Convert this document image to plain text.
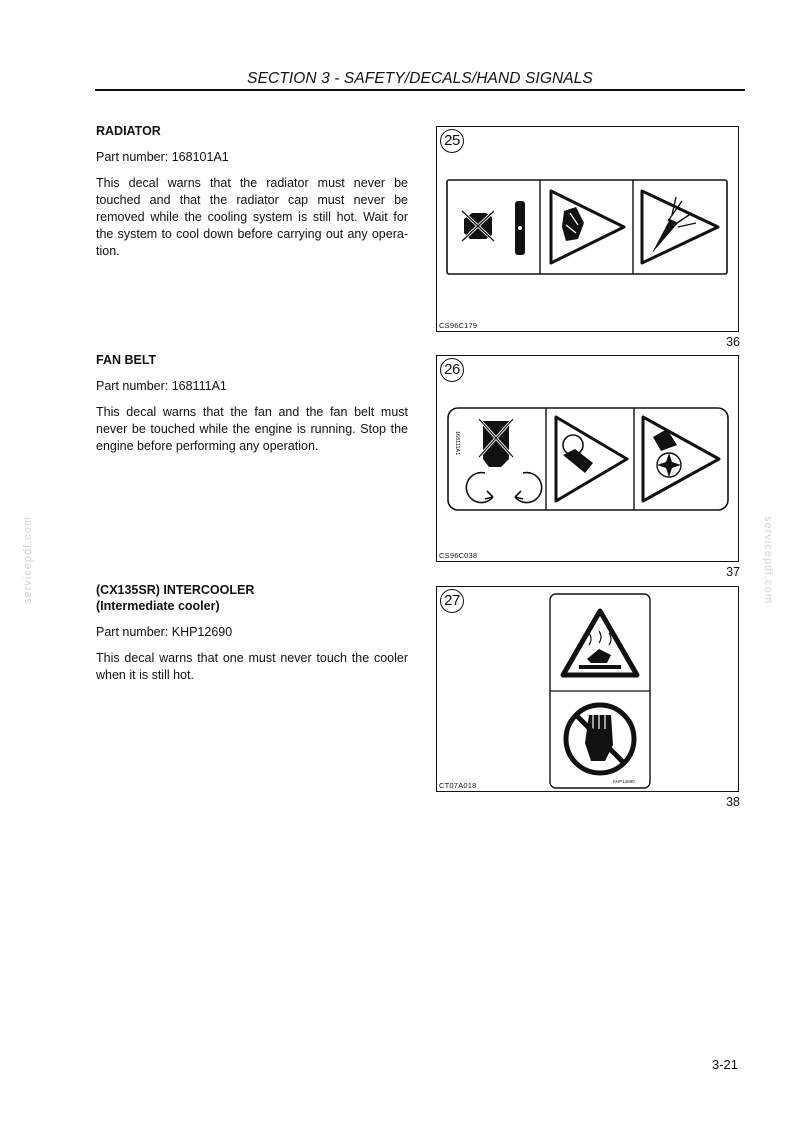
SECTION 3 - SAFETY/DECALS/HAND SIGNALS
servicepdf.com	servicepdf.com
RADIATOR
Part number: 168101A1

This decal warns that the radiator must never be touched and that the radiator cap must never be removed while the cooling system is still hot. Wait for the system to cool down before carrying out any opera-tion.

FAN BELT
Part number: 168111A1

This decal warns that the fan and the fan belt must never be touched while the engine is running. Stop the engine before performing any operation.

(CX135SR) INTERCOOLER
(Intermediate cooler)
Part number: KHP12690

This decal warns that one must never touch the cooler when it is still hot.

25
CS96C179
36
26
168111A1
CS96C038
37
27
KHP12690
CT07A018
38
3-21
